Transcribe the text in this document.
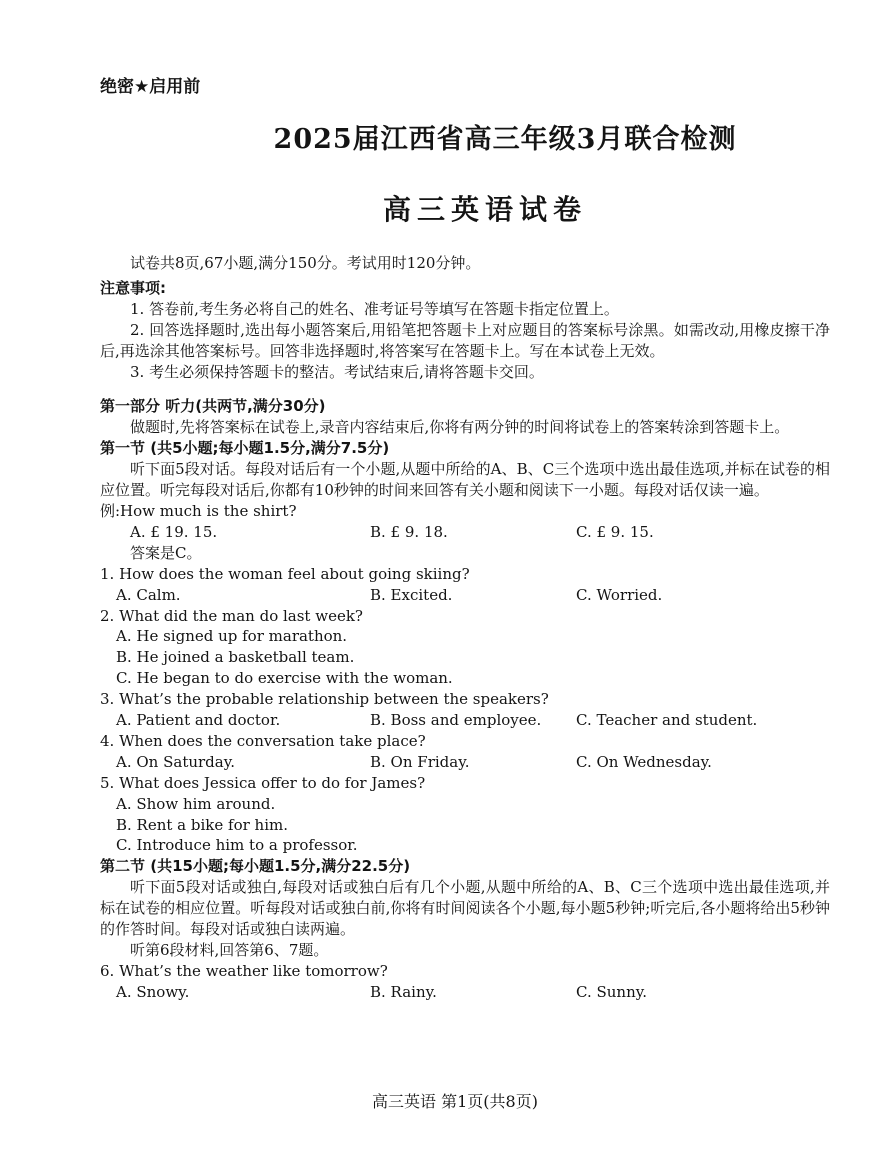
绝密★启用前
2025届江西省高三年级3月联合检测
高三英语试卷
试卷共8页,67小题,满分150分。考试用时120分钟。
注意事项:
1. 答卷前,考生务必将自己的姓名、准考证号等填写在答题卡指定位置上。
2. 回答选择题时,选出每小题答案后,用铅笔把答题卡上对应题目的答案标号涂黑。如需改动,用橡皮擦干净后,再选涂其他答案标号。回答非选择题时,将答案写在答题卡上。写在本试卷上无效。
3. 考生必须保持答题卡的整洁。考试结束后,请将答题卡交回。
第一部分 听力(共两节,满分30分)
做题时,先将答案标在试卷上,录音内容结束后,你将有两分钟的时间将试卷上的答案转涂到答题卡上。
第一节 (共5小题;每小题1.5分,满分7.5分)
听下面5段对话。每段对话后有一个小题,从题中所给的A、B、C三个选项中选出最佳选项,并标在试卷的相应位置。听完每段对话后,你都有10秒钟的时间来回答有关小题和阅读下一小题。每段对话仅读一遍。
例:How much is the shirt?
A. £ 19. 15.	B. £ 9. 18.	C. £ 9. 15.
答案是C。
1. How does the woman feel about going skiing?
A. Calm.	B. Excited.	C. Worried.
2. What did the man do last week?
A. He signed up for marathon.
B. He joined a basketball team.
C. He began to do exercise with the woman.
3. What’s the probable relationship between the speakers?
A. Patient and doctor.	B. Boss and employee.	C. Teacher and student.
4. When does the conversation take place?
A. On Saturday.	B. On Friday.	C. On Wednesday.
5. What does Jessica offer to do for James?
A. Show him around.
B. Rent a bike for him.
C. Introduce him to a professor.
第二节 (共15小题;每小题1.5分,满分22.5分)
听下面5段对话或独白,每段对话或独白后有几个小题,从题中所给的A、B、C三个选项中选出最佳选项,并标在试卷的相应位置。听每段对话或独白前,你将有时间阅读各个小题,每小题5秒钟;听完后,各小题将给出5秒钟的作答时间。每段对话或独白读两遍。
听第6段材料,回答第6、7题。
6. What’s the weather like tomorrow?
A. Snowy.	B. Rainy.	C. Sunny.
高三英语 第1页(共8页)
